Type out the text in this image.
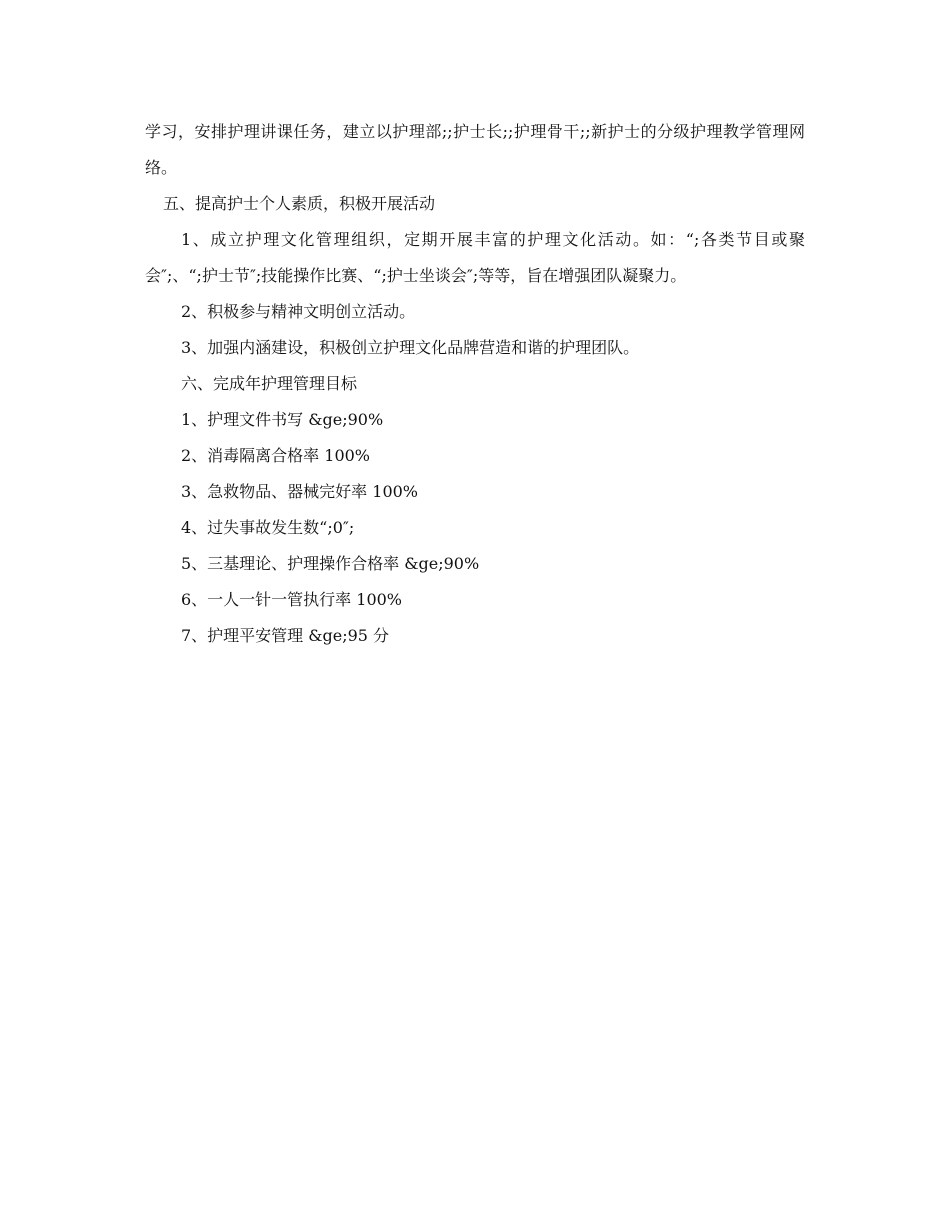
学习，安排护理讲课任务，建立以护理部;;护士长;;护理骨干;;新护士的分级护理教学管理网络。

五、提高护士个人素质，积极开展活动

1、成立护理文化管理组织，定期开展丰富的护理文化活动。如：“;各类节目或聚会″;、“;护士节″;技能操作比赛、“;护士坐谈会″;等等，旨在增强团队凝聚力。

2、积极参与精神文明创立活动。

3、加强内涵建设，积极创立护理文化品牌营造和谐的护理团队。

六、完成年护理管理目标

1、护理文件书写 &ge;90%

2、消毒隔离合格率 100%

3、急救物品、器械完好率 100%

4、过失事故发生数“;0″;

5、三基理论、护理操作合格率 &ge;90%

6、一人一针一管执行率 100%

7、护理平安管理 &ge;95 分
